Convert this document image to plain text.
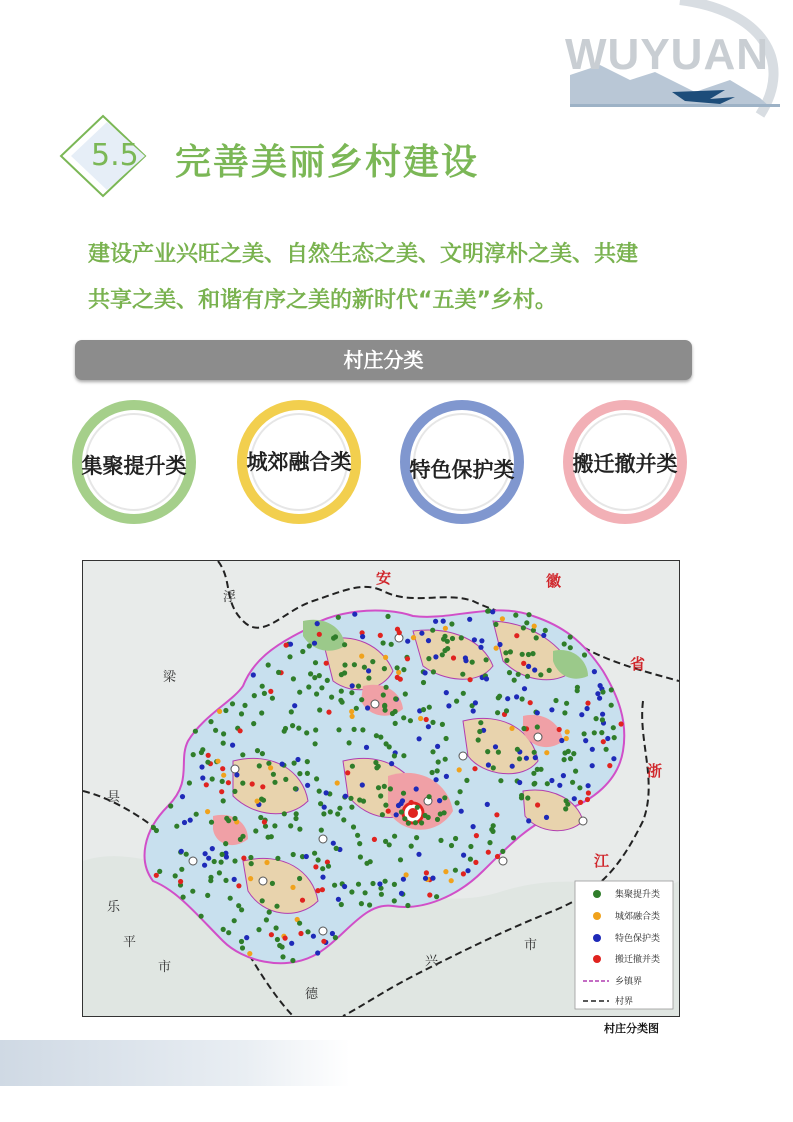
WUYUAN
5.5 完善美丽乡村建设
建设产业兴旺之美、自然生态之美、文明淳朴之美、共建
共享之美、和谐有序之美的新时代“五美”乡村。
村庄分类
集聚提升类	城郊融合类	特色保护类	搬迁撤并类
安	徽
省
浙
江
浮
梁
县
乐
平
市
德
兴
市
集聚提升类
城郊融合类
特色保护类
搬迁撤并类
乡镇界
村界
村庄分类图
